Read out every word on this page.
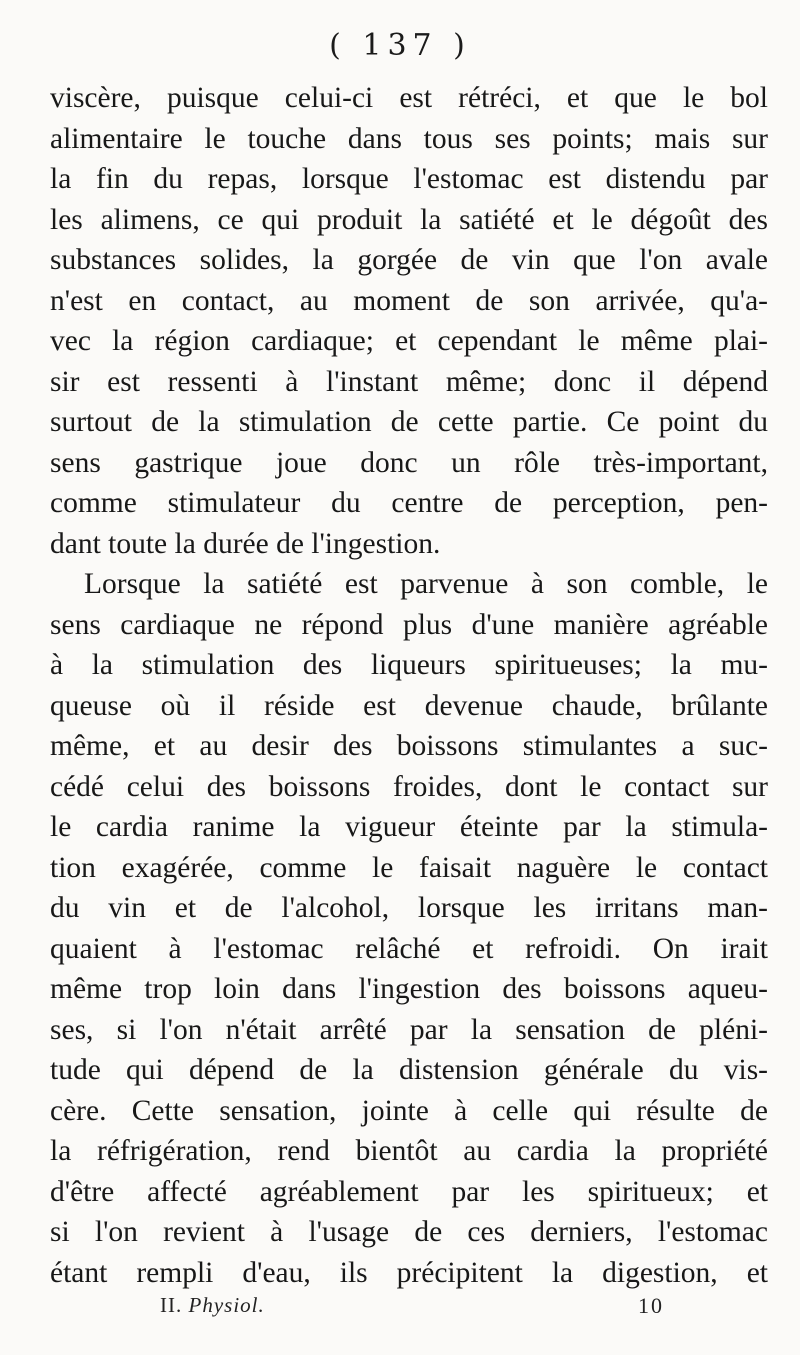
( 137 )
viscère, puisque celui-ci est rétréci, et que le bol
alimentaire le touche dans tous ses points; mais sur
la fin du repas, lorsque l'estomac est distendu par
les alimens, ce qui produit la satiété et le dégoût des
substances solides, la gorgée de vin que l'on avale
n'est en contact, au moment de son arrivée, qu'a-
vec la région cardiaque; et cependant le même plai-
sir est ressenti à l'instant même; donc il dépend
surtout de la stimulation de cette partie. Ce point du
sens gastrique joue donc un rôle très-important,
comme stimulateur du centre de perception, pen-
dant toute la durée de l'ingestion.
Lorsque la satiété est parvenue à son comble, le
sens cardiaque ne répond plus d'une manière agréable
à la stimulation des liqueurs spiritueuses; la mu-
queuse où il réside est devenue chaude, brûlante
même, et au desir des boissons stimulantes a suc-
cédé celui des boissons froides, dont le contact sur
le cardia ranime la vigueur éteinte par la stimula-
tion exagérée, comme le faisait naguère le contact
du vin et de l'alcohol, lorsque les irritans man-
quaient à l'estomac relâché et refroidi. On irait
même trop loin dans l'ingestion des boissons aqueu-
ses, si l'on n'était arrêté par la sensation de pléni-
tude qui dépend de la distension générale du vis-
cère. Cette sensation, jointe à celle qui résulte de
la réfrigération, rend bientôt au cardia la propriété
d'être affecté agréablement par les spiritueux; et
si l'on revient à l'usage de ces derniers, l'estomac
étant rempli d'eau, ils précipitent la digestion, et
II. Physiol.	10
